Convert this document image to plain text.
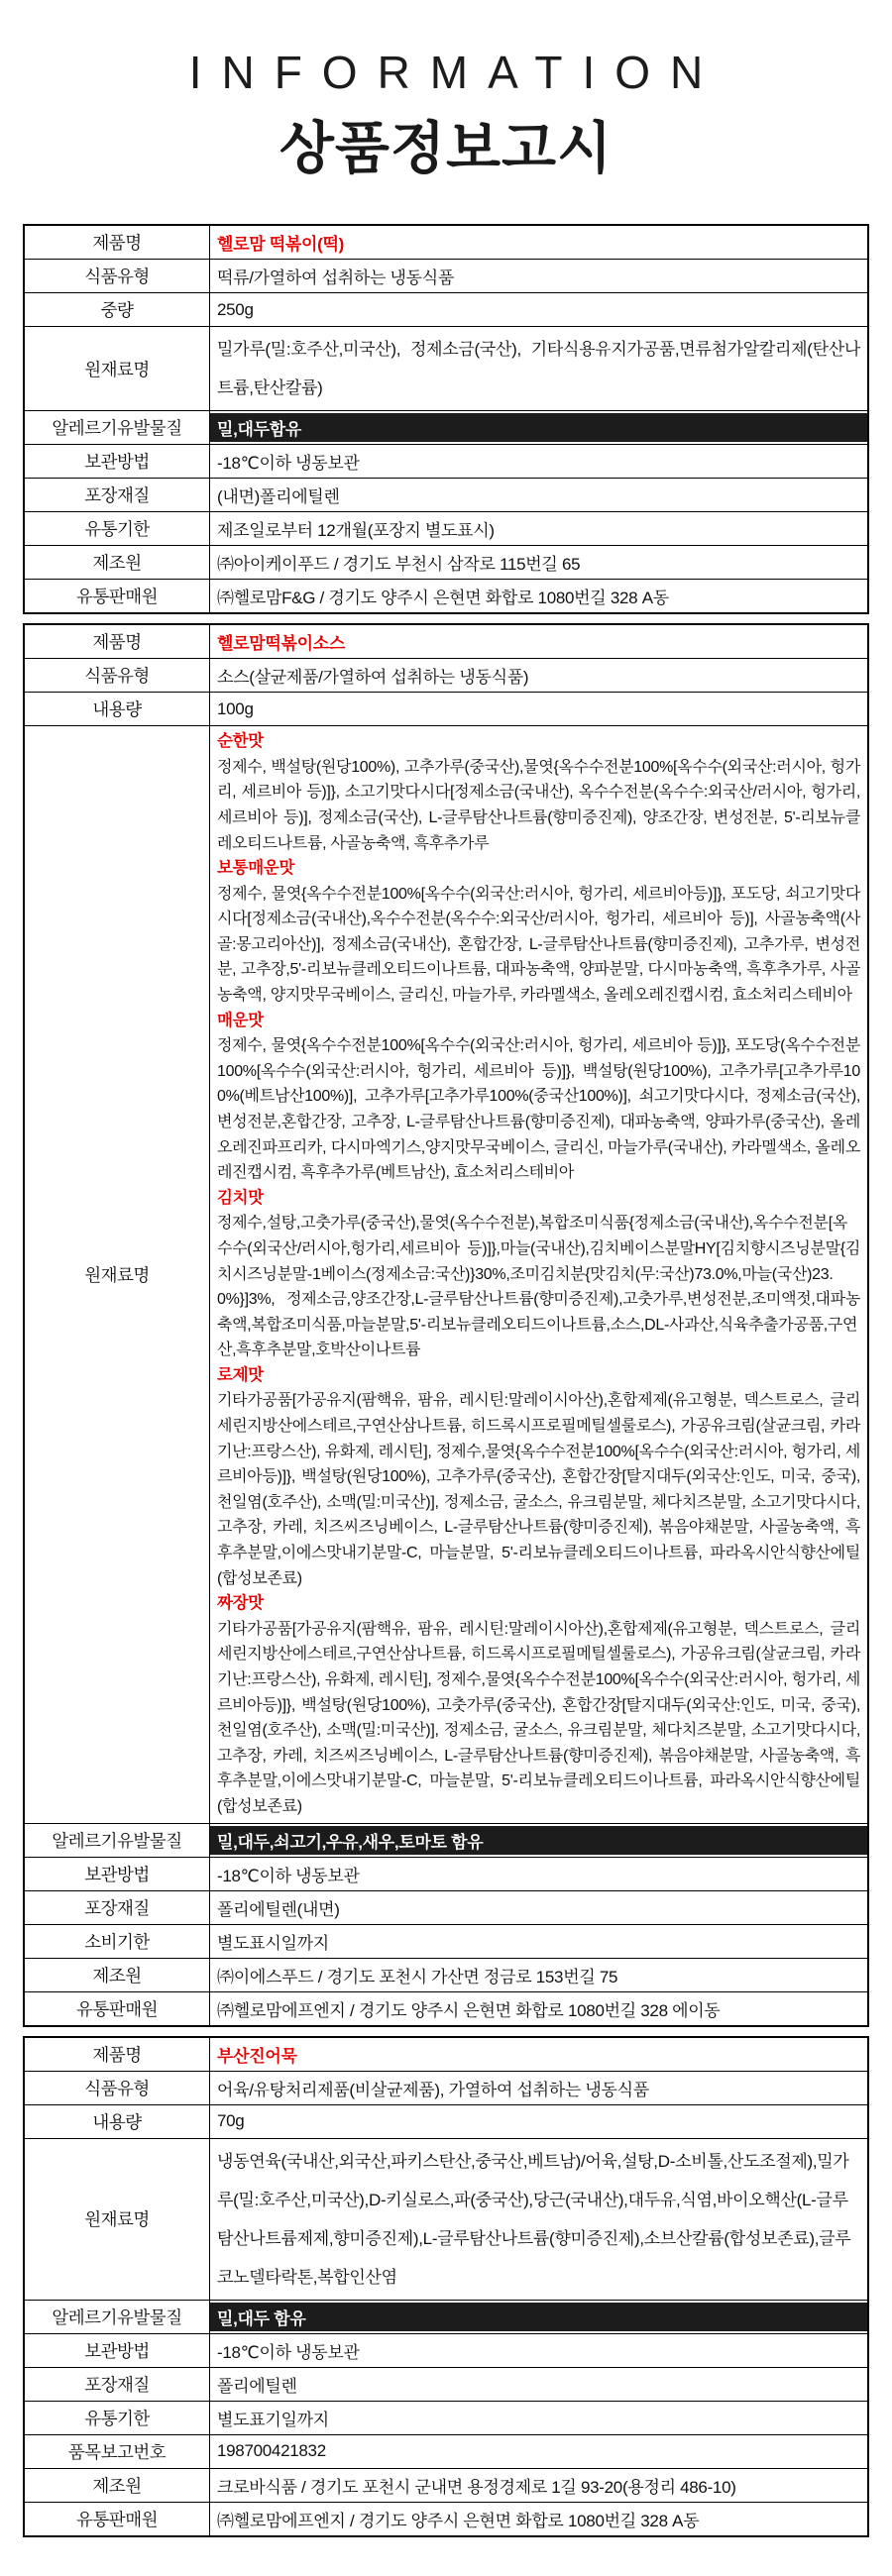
INFORMATION
상품정보고시
제품명	헬로맘 떡볶이(떡)
식품유형	떡류/가열하여 섭취하는 냉동식품
중량	250g
원재료명	밀가루(밀:호주산,미국산), 정제소금(국산), 기타식용유지가공품,면류첨가알칼리제(탄산나트륨,탄산칼륨)

알레르기유발물질	밀,대두함유

보관방법	-18℃이하 냉동보관
포장재질	(내면)폴리에틸렌
유통기한	제조일로부터 12개월(포장지 별도표시)
제조원	㈜아이케이푸드 / 경기도 부천시 삼작로 115번길 65
유통판매원	㈜헬로맘F&G / 경기도 양주시 은현면 화합로 1080번길 328 A동
제품명	헬로맘떡볶이소스
식품유형	소스(살균제품/가열하여 섭취하는 냉동식품)
내용량	100g
원재료명	
순한맛
정제수, 백설탕(원당100%), 고추가루(중국산),물엿{옥수수전분100%[옥수수(외국산:러시아, 헝가리, 세르비아 등)]}, 소고기맛다시다[정제소금(국내산), 옥수수전분(옥수수:외국산/러시아, 헝가리, 세르비아 등)], 정제소금(국산), L-글루탐산나트륨(향미증진제), 양조간장, 변성전분, 5'-리보뉴클레오티드나트륨, 사골농축액, 흑후추가루
보통매운맛
정제수, 물엿{옥수수전분100%[옥수수(외국산:러시아, 헝가리, 세르비아등)]}, 포도당, 쇠고기맛다시다[정제소금(국내산),옥수수전분(옥수수:외국산/러시아, 헝가리, 세르비아 등)], 사골농축액(사골:몽고리아산)], 정제소금(국내산), 혼합간장, L-글루탐산나트륨(향미증진제), 고추가루, 변성전분, 고추장,5'-리보뉴클레오티드이나트륨, 대파농축액, 양파분말, 다시마농축액, 흑후추가루, 사골농축액, 양지맛무국베이스, 글리신, 마늘가루, 카라멜색소, 올레오레진캡시컴, 효소처리스테비아
매운맛
정제수, 물엿{옥수수전분100%[옥수수(외국산:러시아, 헝가리, 세르비아 등)]}, 포도당(옥수수전분100%[옥수수(외국산:러시아, 헝가리, 세르비아 등)]}, 백설탕(원당100%), 고추가루[고추가루100%(베트남산100%)], 고추가루[고추가루100%(중국산100%)], 쇠고기맛다시다, 정제소금(국산), 변성전분,혼합간장, 고추장, L-글루탐산나트륨(향미증진제), 대파농축액, 양파가루(중국산), 올레오레진파프리카, 다시마엑기스,양지맛무국베이스, 글리신, 마늘가루(국내산), 카라멜색소, 올레오레진캡시컴, 흑후추가루(베트남산), 효소처리스테비아
김치맛
정제수,설탕,고춧가루(중국산),물엿(옥수수전분),복합조미식품{정제소금(국내산),옥수수전분[옥수수(외국산/러시아,헝가리,세르비아 등)]},마늘(국내산),김치베이스분말HY[김치향시즈닝분말{김치시즈닝분말-1베이스(정제소금:국산)}30%,조미김치분{맛김치(무:국산)73.0%,마늘(국산)23.0%}]3%, 정제소금,양조간장,L-글루탐산나트륨(향미증진제),고춧가루,변성전분,조미액젓,대파농축액,복합조미식품,마늘분말,5'-리보뉴클레오티드이나트륨,소스,DL-사과산,식육추출가공품,구연산,흑후추분말,호박산이나트륨
로제맛
기타가공품[가공유지(팜핵유, 팜유, 레시틴:말레이시아산),혼합제제(유고형분, 덱스트로스, 글리세린지방산에스테르,구연산삼나트륨, 히드록시프로필메틸셀룰로스), 가공유크림(살균크림, 카라기난:프랑스산), 유화제, 레시틴], 정제수,물엿{옥수수전분100%[옥수수(외국산:러시아, 헝가리, 세르비아등)]}, 백설탕(원당100%), 고추가루(중국산), 혼합간장[탈지대두(외국산:인도, 미국, 중국), 천일염(호주산), 소맥(밀:미국산)], 정제소금, 굴소스, 유크림분말, 체다치즈분말, 소고기맛다시다, 고추장, 카레, 치즈씨즈닝베이스, L-글루탐산나트륨(향미증진제), 볶음야채분말, 사골농축액, 흑후추분말,이에스맛내기분말-C, 마늘분말, 5'-리보뉴클레오티드이나트륨, 파라옥시안식향산에틸(합성보존료)
짜장맛
기타가공품[가공유지(팜핵유, 팜유, 레시틴:말레이시아산),혼합제제(유고형분, 덱스트로스, 글리세린지방산에스테르,구연산삼나트륨, 히드록시프로필메틸셀룰로스), 가공유크림(살균크림, 카라기난:프랑스산), 유화제, 레시틴], 정제수,물엿{옥수수전분100%[옥수수(외국산:러시아, 헝가리, 세르비아등)]}, 백설탕(원당100%), 고춧가루(중국산), 혼합간장[탈지대두(외국산:인도, 미국, 중국), 천일염(호주산), 소맥(밀:미국산)], 정제소금, 굴소스, 유크림분말, 체다치즈분말, 소고기맛다시다, 고추장, 카레, 치즈씨즈닝베이스, L-글루탐산나트륨(향미증진제), 볶음야채분말, 사골농축액, 흑후추분말,이에스맛내기분말-C, 마늘분말, 5'-리보뉴클레오티드이나트륨, 파라옥시안식향산에틸(합성보존료)

알레르기유발물질	밀,대두,쇠고기,우유,새우,토마토 함유

보관방법	-18℃이하 냉동보관
포장재질	폴리에틸렌(내면)
소비기한	별도표시일까지
제조원	㈜이에스푸드 / 경기도 포천시 가산면 정금로 153번길 75
유통판매원	㈜헬로맘에프엔지 / 경기도 양주시 은현면 화합로 1080번길 328 에이동
제품명	부산진어묵
식품유형	어육/유탕처리제품(비살균제품), 가열하여 섭취하는 냉동식품
내용량	70g
원재료명	냉동연육(국내산,외국산,파키스탄산,중국산,베트남)/어육,설탕,D-소비톨,산도조절제),밀가루(밀:호주산,미국산),D-키실로스,파(중국산),당근(국내산),대두유,식염,바이오핵산(L-글루탐산나트륨제제,향미증진제),L-글루탐산나트륨(향미증진제),소브산칼륨(합성보존료),글루코노델타락톤,복합인산염

알레르기유발물질	밀,대두 함유

보관방법	-18℃이하 냉동보관
포장재질	폴리에틸렌
유통기한	별도표기일까지
품목보고번호	198700421832
제조원	크로바식품 / 경기도 포천시 군내면 용정경제로 1길 93-20(용정리 486-10)
유통판매원	㈜헬로맘에프엔지 / 경기도 양주시 은현면 화합로 1080번길 328 A동
